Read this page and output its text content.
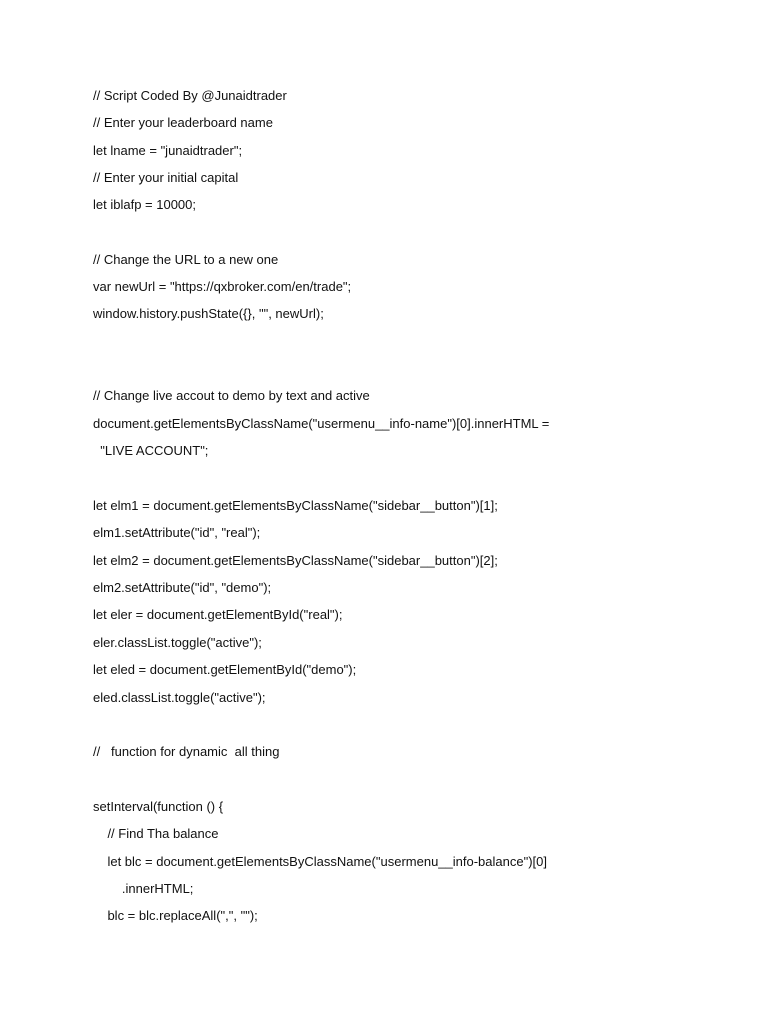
// Script Coded By @Junaidtrader
// Enter your leaderboard name
let lname = "junaidtrader";
// Enter your initial capital
let iblafp = 10000;
// Change the URL to a new one
var newUrl = "https://qxbroker.com/en/trade";
window.history.pushState({}, "", newUrl);
// Change live accout to demo by text and active
document.getElementsByClassName("usermenu__info-name")[0].innerHTML =
"LIVE ACCOUNT";
let elm1 = document.getElementsByClassName("sidebar__button")[1];
elm1.setAttribute("id", "real");
let elm2 = document.getElementsByClassName("sidebar__button")[2];
elm2.setAttribute("id", "demo");
let eler = document.getElementById("real");
eler.classList.toggle("active");
let eled = document.getElementById("demo");
eled.classList.toggle("active");
//   function for dynamic  all thing
setInterval(function () {
// Find Tha balance
let blc = document.getElementsByClassName("usermenu__info-balance")[0]
.innerHTML;
blc = blc.replaceAll(",", "");
